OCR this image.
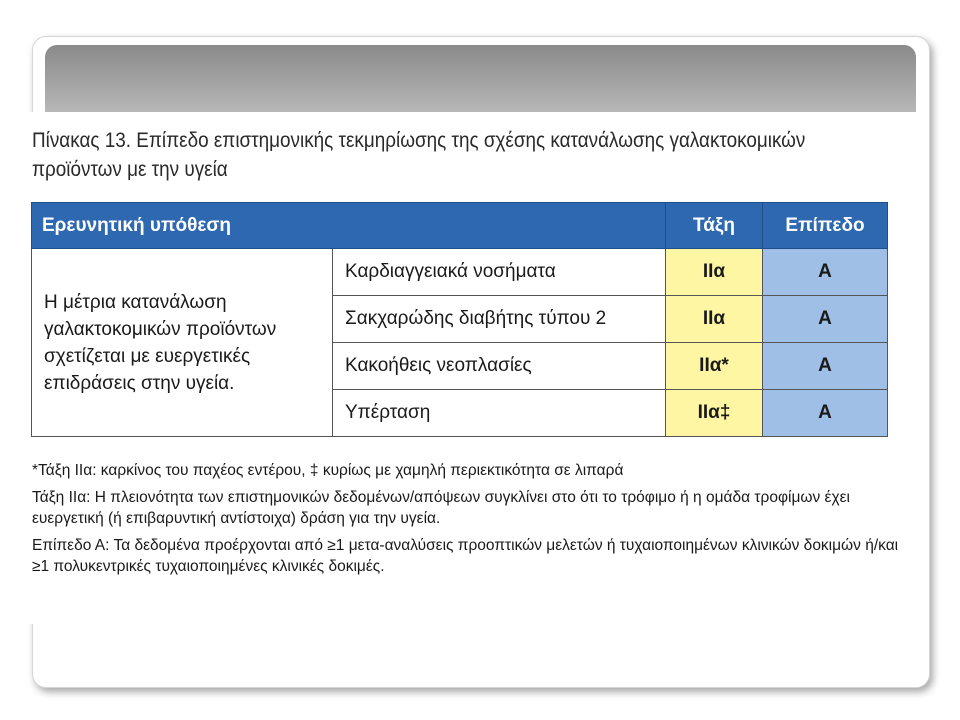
Πίνακας 13. Επίπεδο επιστημονικής τεκμηρίωσης της σχέσης κατανάλωσης γαλακτοκομικών προϊόντων με την υγεία
Ερευνητική υπόθεση		Τάξη	Επίπεδο
Η μέτρια κατανάλωση γαλακτοκομικών προϊόντων σχετίζεται με ευεργετικές επιδράσεις στην υγεία.	Καρδιαγγειακά νοσήματα	IIα	Α
	Σακχαρώδης διαβήτης τύπου 2	IIα	Α
	Κακοήθεις νεοπλασίες	IIα*	Α
	Υπέρταση	IIα‡	Α

*Τάξη IIα: καρκίνος του παχέος εντέρου, ‡ κυρίως με χαμηλή περιεκτικότητα σε λιπαρά

Τάξη IIα: Η πλειονότητα των επιστημονικών δεδομένων/απόψεων συγκλίνει στο ότι το τρόφιμο ή η ομάδα τροφίμων έχει ευεργετική (ή επιβαρυντική αντίστοιχα) δράση για την υγεία.

Επίπεδο Α: Τα δεδομένα προέρχονται από ≥1 μετα-αναλύσεις προοπτικών μελετών ή τυχαιοποιημένων κλινικών δοκιμών ή/και ≥1 πολυκεντρικές τυχαιοποιημένες κλινικές δοκιμές.
